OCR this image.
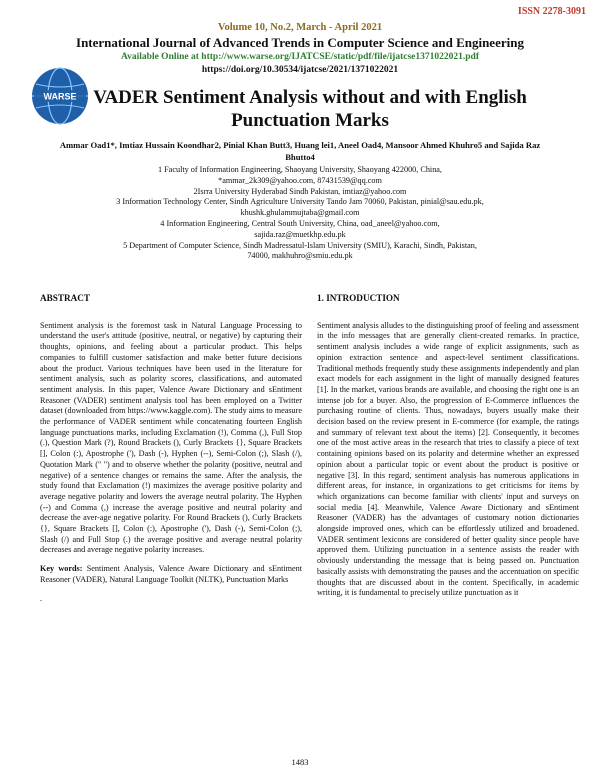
ISSN 2278-3091
Volume 10, No.2, March - April 2021
International Journal of Advanced Trends in Computer Science and Engineering
Available Online at http://www.warse.org/IJATCSE/static/pdf/file/ijatcse1371022021.pdf
https://doi.org/10.30534/ijatcse/2021/1371022021
WARSE VADER Sentiment Analysis without and with English Punctuation Marks
Ammar Oad1*, Imtiaz Hussain Koondhar2, Pinial Khan Butt3, Huang lei1, Aneel Oad4, Mansoor Ahmed Khuhro5 and Sajida Raz Bhutto4
1 Faculty of Information Engineering, Shaoyang University, Shaoyang 422000, China,
*ammar_2k309@yahoo.com, 87431539@qq.com
2Isrra University Hyderabad Sindh Pakistan, imtiaz@yahoo.com
3 Information Technology Center, Sindh Agriculture University Tando Jam 70060, Pakistan, pinial@sau.edu.pk,
khushk.ghulammujtaba@gmail.com
4 Information Engineering, Central South University, China, oad_aneel@yahoo.com,
sajida.raz@muetkhp.edu.pk
5 Department of Computer Science, Sindh Madressatul-Islam University (SMIU), Karachi, Sindh, Pakistan,
74000, makhuhro@smiu.edu.pk
ABSTRACT

Sentiment analysis is the foremost task in Natural Language Processing to understand the user's attitude (positive, neutral, or negative) by capturing their thoughts, opinions, and feeling about a particular product. This helps companies to fulfill customer satisfaction and make better future decisions about the product. Various techniques have been used in the literature for sentiment analysis, such as polarity scores, classifications, and automated sentiment analysis. In this paper, Valence Aware Dictionary and sEntiment Reasoner (VADER) sentiment analysis tool has been employed on a Twitter dataset (downloaded from https://www.kaggle.com). The study aims to measure the performance of VADER sentiment while concatenating fourteen English language punctuations marks, including Exclamation (!), Comma (,), Full Stop (.), Question Mark (?), Round Brackets (), Curly Brackets {}, Square Brackets [], Colon (:), Apostrophe ('), Dash (-), Hyphen (--), Semi-Colon (;), Slash (/), Quotation Mark (" ") and to observe whether the polarity (positive, neutral and negative) of a sentence changes or remains the same. After the analysis, the study found that Exclamation (!) maximizes the average positive polarity and average negative polarity and lowers the average neutral polarity. The Hyphen (--) and Comma (,) increase the average positive and neutral polarity and decrease the aver-age negative polarity. For Round Brackets (), Curly Brackets {}, Square Brackets [], Colon (:), Apostrophe ('), Dash (-), Semi-Colon (;), Slash (/) and Full Stop (.) the average positive and average neutral polarity decreases and average negative polarity increases.

Key words: Sentiment Analysis, Valence Aware Dictionary and sEntiment Reasoner (VADER), Natural Language Toolkit (NLTK), Punctuation Marks

.

1. INTRODUCTION

Sentiment analysis alludes to the distinguishing proof of feeling and assessment in the info messages that are generally client-created remarks. In practice, sentiment analysis includes a wide range of explicit assignments, such as opinion extraction sentence and aspect-level sentiment classifications. Traditional methods frequently study these assignments independently and plan exact models for each assignment in the light of manually designed features [1]. In the market, various brands are available, and choosing the right one is an intense job for a buyer. Also, the progression of E-Commerce influences the purchasing routine of clients. Thus, nowadays, buyers usually make their decision based on the review present in E-commerce (for example, the ratings and summary of relevant text about the items) [2]. Consequently, it becomes one of the most active areas in the research that tries to classify a piece of text containing opinions based on its polarity and determine whether an expressed opinion about a particular topic or event about the product is positive or negative [3]. In this regard, sentiment analysis has numerous applications in different areas, for instance, in organizations to get criticisms for items by which organizations can become familiar with clients' input and surveys on social media [4]. Meanwhile, Valence Aware Dictionary and sEntiment Reasoner (VADER) has the advantages of customary notion dictionaries alongside improved ones, which can be effortlessly utilized and broadened. VADER sentiment lexicons are considered of better quality since people have approved them. Utilizing punctuation in a sentence assists the reader with obviously understanding the message that is being passed on. Punctuation basically assists with demonstrating the pauses and the accentuation on specific thoughts that are discussed about in the content. Specifically, in academic writing, it is fundamental to precisely utilize punctuation as it

1483
